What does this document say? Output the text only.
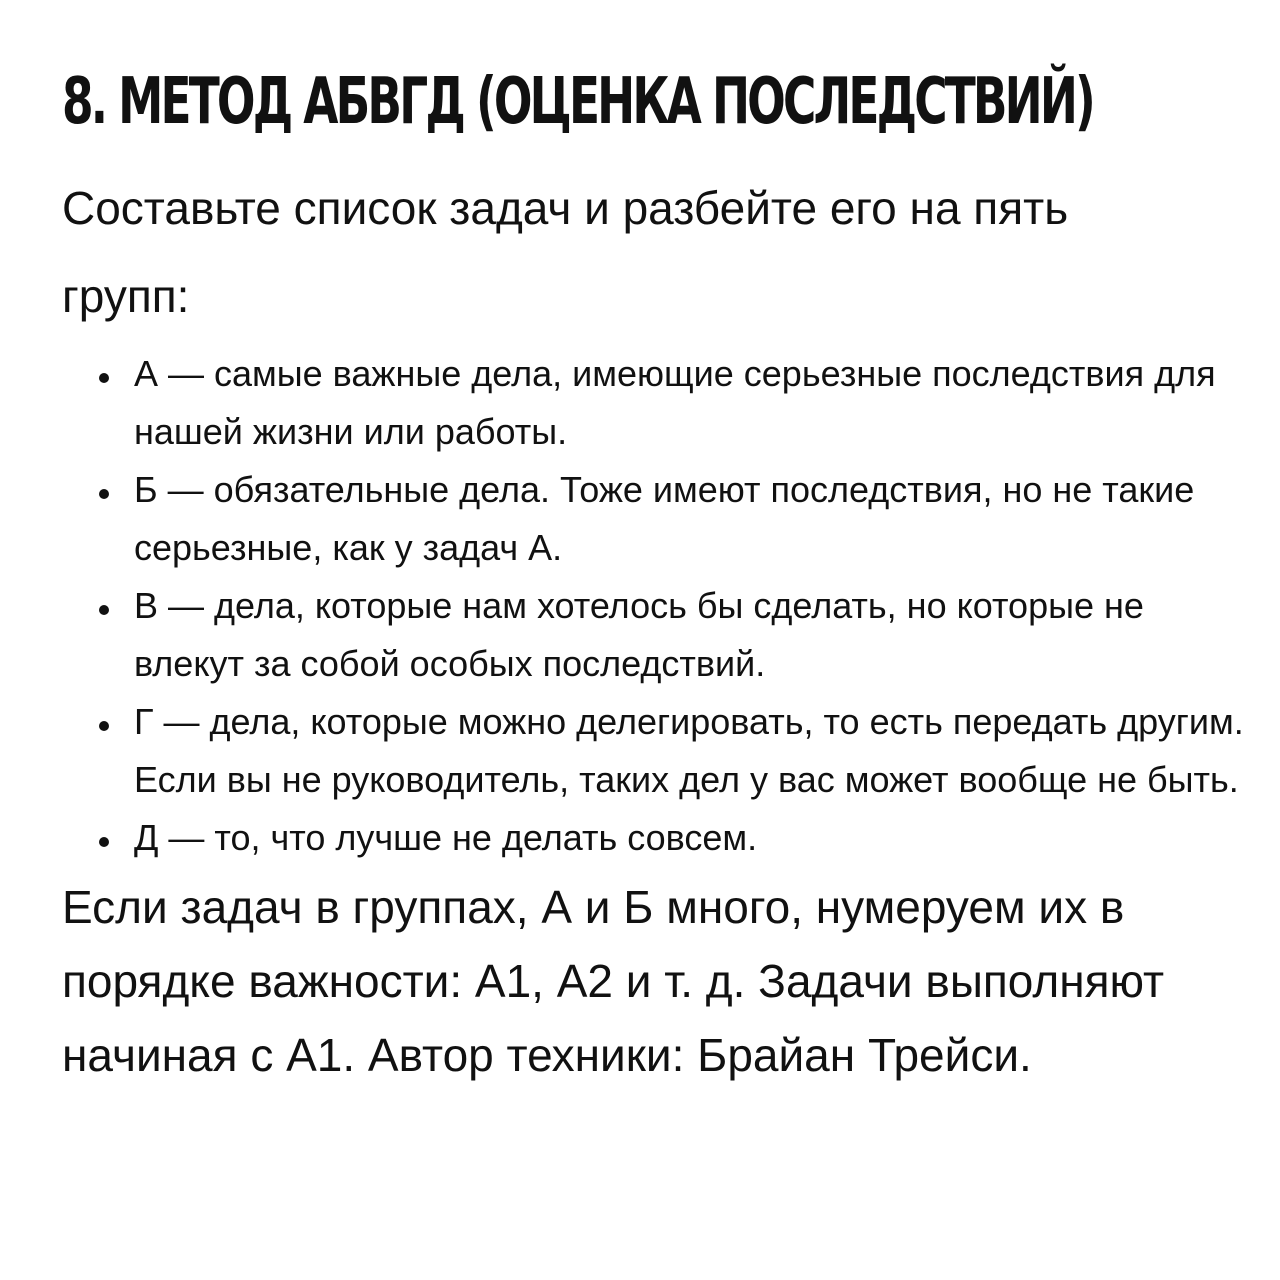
8. МЕТОД АБВГД (ОЦЕНКА ПОСЛЕДСТВИЙ)

Составьте список задач и разбейте его на пять групп:

А — самые важные дела, имеющие серьезные последствия для нашей жизни или работы.
Б — обязательные дела. Тоже имеют последствия, но не такие серьезные, как у задач А.
В — дела, которые нам хотелось бы сделать, но которые не влекут за собой особых последствий.
Г — дела, которые можно делегировать, то есть передать другим. Если вы не руководитель, таких дел у вас может вообще не быть.
Д — то, что лучше не делать совсем.

Если задач в группах, А и Б много, нумеруем их в порядке важности: А1, А2 и т. д. Задачи выполняют начиная с А1. Автор техники: Брайан Трейси.
